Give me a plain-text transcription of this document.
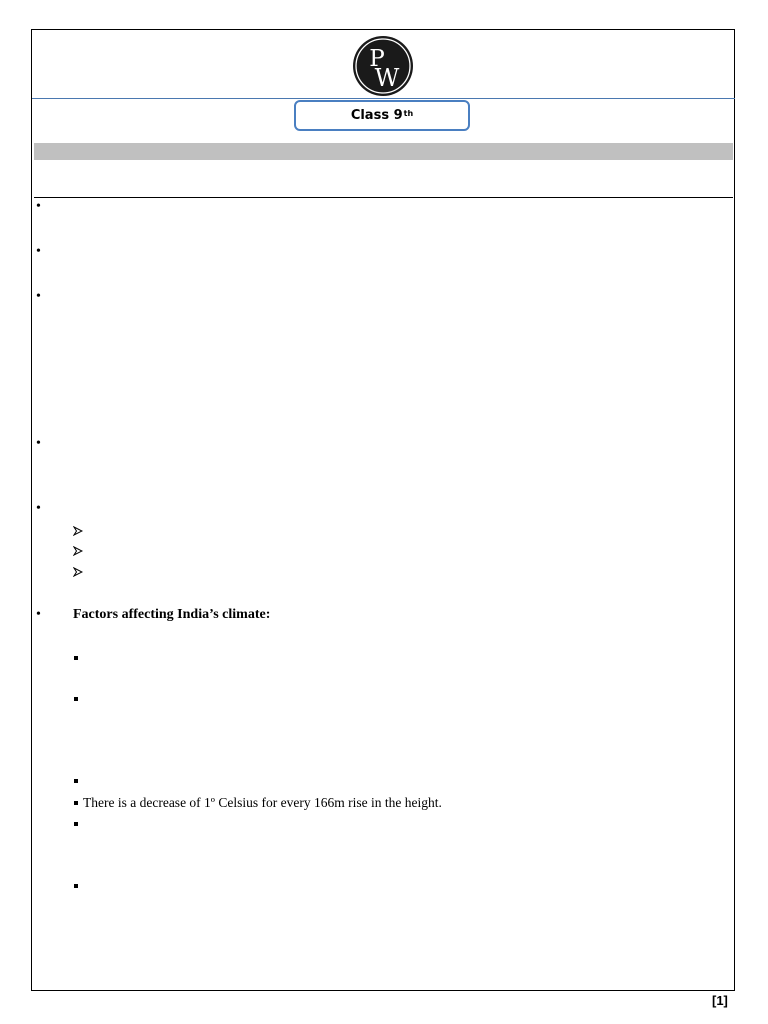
P
W
Class 9th
•
•
•
•
•
• Factors affecting India’s climate:
There is a decrease of 1º Celsius for every 166m rise in the height.
[1]
